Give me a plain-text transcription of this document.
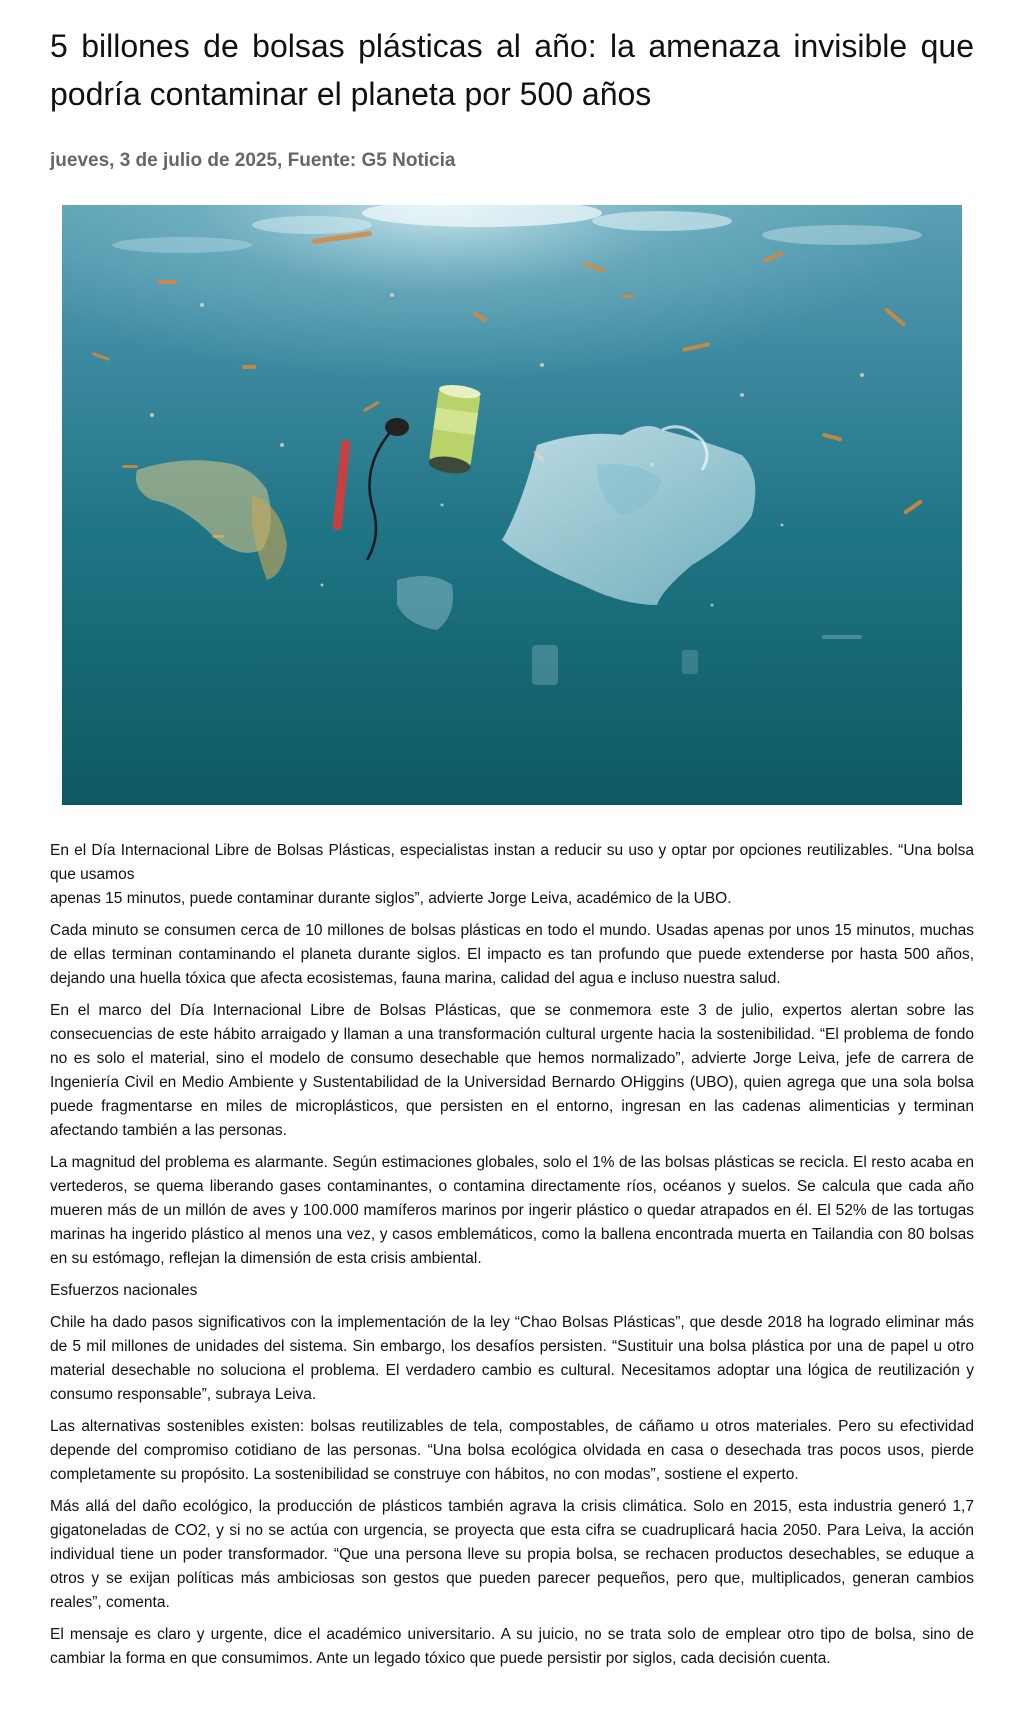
5 billones de bolsas plásticas al año: la amenaza invisible que podría contaminar el planeta por 500 años
jueves, 3 de julio de 2025, Fuente: G5 Noticia

En el Día Internacional Libre de Bolsas Plásticas, especialistas instan a reducir su uso y optar por opciones reutilizables. “Una bolsa que usamos
apenas 15 minutos, puede contaminar durante siglos”, advierte Jorge Leiva, académico de la UBO.

Cada minuto se consumen cerca de 10 millones de bolsas plásticas en todo el mundo. Usadas apenas por unos 15 minutos, muchas de ellas terminan contaminando el planeta durante siglos. El impacto es tan profundo que puede extenderse por hasta 500 años, dejando una huella tóxica que afecta ecosistemas, fauna marina, calidad del agua e incluso nuestra salud.

En el marco del Día Internacional Libre de Bolsas Plásticas, que se conmemora este 3 de julio, expertos alertan sobre las consecuencias de este hábito arraigado y llaman a una transformación cultural urgente hacia la sostenibilidad. “El problema de fondo no es solo el material, sino el modelo de consumo desechable que hemos normalizado”, advierte Jorge Leiva, jefe de carrera de Ingeniería Civil en Medio Ambiente y Sustentabilidad de la Universidad Bernardo OHiggins (UBO), quien agrega que una sola bolsa puede fragmentarse en miles de microplásticos, que persisten en el entorno, ingresan en las cadenas alimenticias y terminan afectando también a las personas.

La magnitud del problema es alarmante. Según estimaciones globales, solo el 1% de las bolsas plásticas se recicla. El resto acaba en vertederos, se quema liberando gases contaminantes, o contamina directamente ríos, océanos y suelos. Se calcula que cada año mueren más de un millón de aves y 100.000 mamíferos marinos por ingerir plástico o quedar atrapados en él. El 52% de las tortugas marinas ha ingerido plástico al menos una vez, y casos emblemáticos, como la ballena encontrada muerta en Tailandia con 80 bolsas en su estómago, reflejan la dimensión de esta crisis ambiental.

Esfuerzos nacionales

Chile ha dado pasos significativos con la implementación de la ley “Chao Bolsas Plásticas”, que desde 2018 ha logrado eliminar más de 5 mil millones de unidades del sistema. Sin embargo, los desafíos persisten. “Sustituir una bolsa plástica por una de papel u otro material desechable no soluciona el problema. El verdadero cambio es cultural. Necesitamos adoptar una lógica de reutilización y consumo responsable”, subraya Leiva.

Las alternativas sostenibles existen: bolsas reutilizables de tela, compostables, de cáñamo u otros materiales. Pero su efectividad depende del compromiso cotidiano de las personas. “Una bolsa ecológica olvidada en casa o desechada tras pocos usos, pierde completamente su propósito. La sostenibilidad se construye con hábitos, no con modas”, sostiene el experto.

Más allá del daño ecológico, la producción de plásticos también agrava la crisis climática. Solo en 2015, esta industria generó 1,7 gigatoneladas de CO2, y si no se actúa con urgencia, se proyecta que esta cifra se cuadruplicará hacia 2050. Para Leiva, la acción individual tiene un poder transformador. “Que una persona lleve su propia bolsa, se rechacen productos desechables, se eduque a otros y se exijan políticas más ambiciosas son gestos que pueden parecer pequeños, pero que, multiplicados, generan cambios reales”, comenta.

El mensaje es claro y urgente, dice el académico universitario. A su juicio, no se trata solo de emplear otro tipo de bolsa, sino de cambiar la forma en que consumimos. Ante un legado tóxico que puede persistir por siglos, cada decisión cuenta.
